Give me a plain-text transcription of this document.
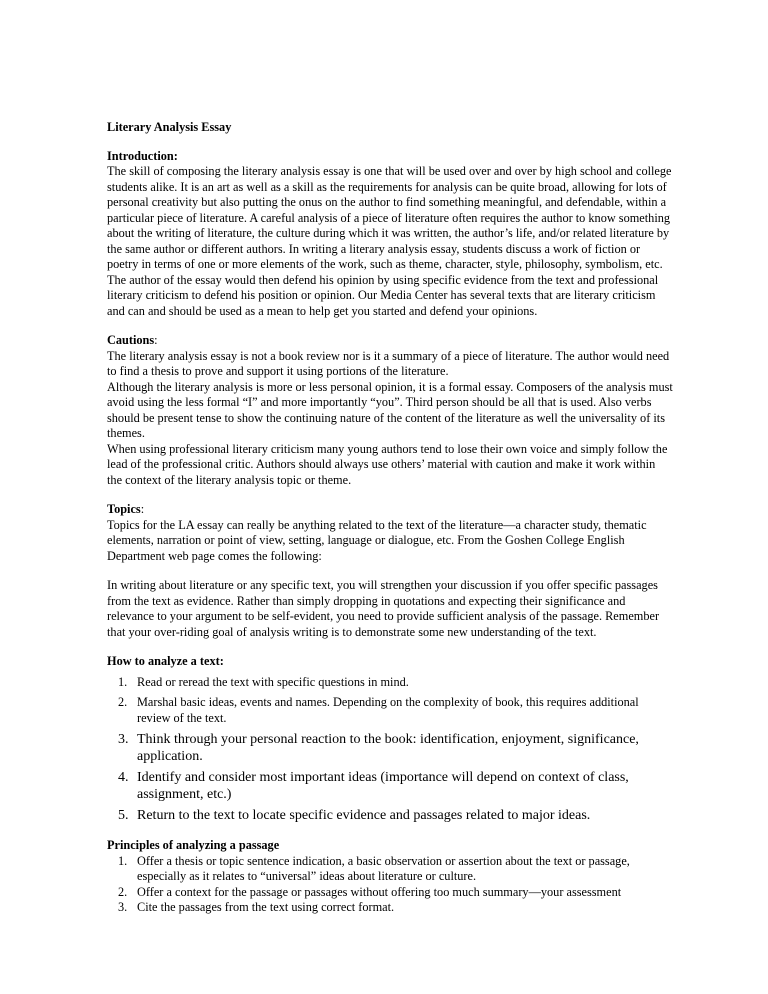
Literary Analysis Essay
Introduction:

The skill of composing the literary analysis essay is one that will be used over and over by high school and college students alike. It is an art as well as a skill as the requirements for analysis can be quite broad, allowing for lots of personal creativity but also putting the onus on the author to find something meaningful, and defendable, within a particular piece of literature. A careful analysis of a piece of literature often requires the author to know something about the writing of literature, the culture during which it was written, the author’s life, and/or related literature by the same author or different authors. In writing a literary analysis essay, students discuss a work of fiction or poetry in terms of one or more elements of the work, such as theme, character, style, philosophy, symbolism, etc. The author of the essay would then defend his opinion by using specific evidence from the text and professional literary criticism to defend his position or opinion. Our Media Center has several texts that are literary criticism and can and should be used as a mean to help get you started and defend your opinions.

Cautions:

The literary analysis essay is not a book review nor is it a summary of a piece of literature. The author would need to find a thesis to prove and support it using portions of the literature.

Although the literary analysis is more or less personal opinion, it is a formal essay. Composers of the analysis must avoid using the less formal “I” and more importantly “you”. Third person should be all that is used. Also verbs should be present tense to show the continuing nature of the content of the literature as well the universality of its themes.

When using professional literary criticism many young authors tend to lose their own voice and simply follow the lead of the professional critic. Authors should always use others’ material with caution and make it work within the context of the literary analysis topic or theme.

Topics:

Topics for the LA essay can really be anything related to the text of the literature—a character study, thematic elements, narration or point of view, setting, language or dialogue, etc. From the Goshen College English Department web page comes the following:

In writing about literature or any specific text, you will strengthen your discussion if you offer specific passages from the text as evidence. Rather than simply dropping in quotations and expecting their significance and relevance to your argument to be self-evident, you need to provide sufficient analysis of the passage. Remember that your over-riding goal of analysis writing is to demonstrate some new understanding of the text.

How to analyze a text:
1. Read or reread the text with specific questions in mind.
2. Marshal basic ideas, events and names. Depending on the complexity of book, this requires additional review of the text.
3. Think through your personal reaction to the book: identification, enjoyment, significance, application.
4. Identify and consider most important ideas (importance will depend on context of class, assignment, etc.)
5. Return to the text to locate specific evidence and passages related to major ideas.
Principles of analyzing a passage
1. Offer a thesis or topic sentence indication, a basic observation or assertion about the text or passage, especially as it relates to “universal” ideas about literature or culture.
2. Offer a context for the passage or passages without offering too much summary—your assessment
3. Cite the passages from the text using correct format.
